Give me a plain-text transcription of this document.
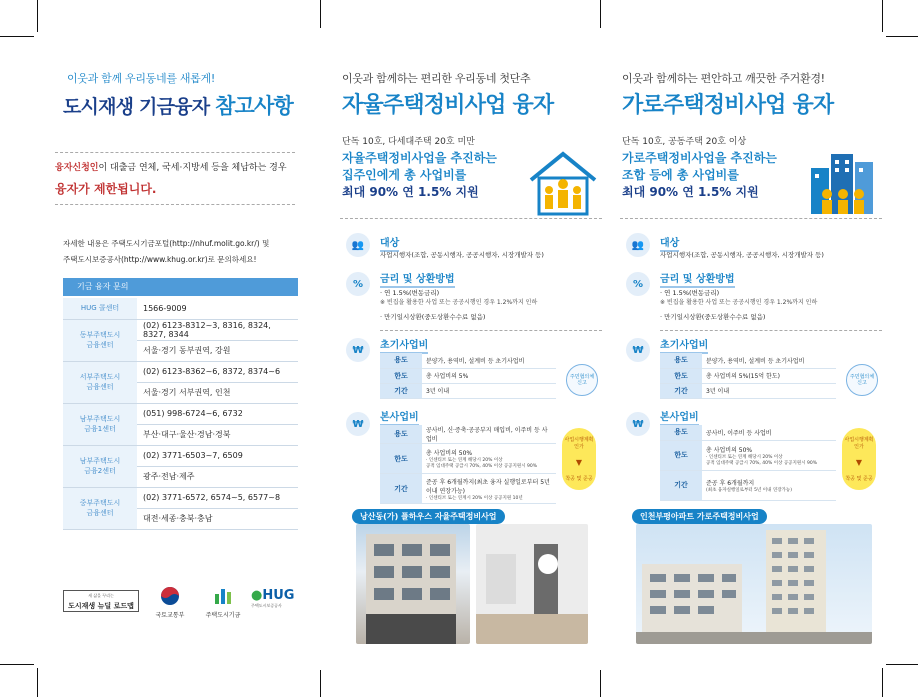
이웃과 함께 우리동네를 새롭게!
도시재생 기금융자 참고사항
융자신청인이 대출금 연체, 국세·지방세 등을 체납하는 경우
융자가 제한됩니다.
자세한 내용은 주택도시기금포털(http://nhuf.molit.go.kr/) 및
주택도시보증공사(http://www.khug.or.kr)로 문의하세요!
기금 융자 문의
HUG 콜센터	1566-9009
동부주택도시
금융센터	(02) 6123-8312~3, 8316, 8324, 8327, 8344
	서울·경기 동부권역, 강원
서부주택도시
금융센터	(02) 6123-8362~6, 8372, 8374~6
	서울·경기 서부권역, 인천
남부주택도시
금융1센터	(051) 998-6724~6, 6732
	부산·대구·울산·경남·경북
남부주택도시
금융2센터	(02) 3771-6503~7, 6509
	광주·전남·제주
중부주택도시
금융센터	(02) 3771-6572, 6574~5, 6577~8
	대전·세종·충북·충남
새 삶을 꾸리는
도시재생 뉴딜 로드맵
국토교통부	주택도시기금
●HUG
주택도시보증공사
이웃과 함께하는 편리한 우리동네 첫단추
자율주택정비사업 융자
단독 10호, 다세대주택 20호 미만
자율주택정비사업을 추진하는
집주인에게 총 사업비를
최대 90% 연 1.5% 지원
👥	대상
사업시행자(조합, 공동시행자, 공공시행자, 시장개발자 등)
%	금리 및 상환방법
· 연 1.5%(변동금리)
※ 빈집을 활용한 사업 또는 공공시행인 경우 1.2%까지 인하
· 만기일시상환(중도상환수수료 없음)
₩	초기사업비
용도	분양가, 용역비, 설계비 등 초기사업비
한도	총 사업비의 5%
기간	3년 이내
주민협의체 신고
₩
본사업비
용도	공사비, 신·증축·공공부지 매입비, 이주비 등 사업비

한도	총 사업비의 50%
· 인센티브 또는 연계 해당시 20% 이상
공적 임대주택 공급시 70%, 40% 이상 공공지원시 90%

기간	준공 후 6개월까지(최초 융자 실행일로부터 5년 이내 연장가능)
· 인센티브 또는 연계시 20% 이상 공공지원 10년
사업시행계획 인가
▼
착공 및 준공
낭산동(가) 플하우스 자율주택정비사업
이웃과 함께하는 편안하고 깨끗한 주거환경!
가로주택정비사업 융자
단독 10호, 공동주택 20호 이상
가로주택정비사업을 추진하는
조합 등에 총 사업비를
최대 90% 연 1.5% 지원
👥	대상
사업시행자(조합, 공동시행자, 공공시행자, 시장개발자 등)
%	금리 및 상환방법
· 연 1.5%(변동금리)
※ 빈집을 활용한 사업 또는 공공시행인 경우 1.2%까지 인하
· 만기일시상환(중도상환수수료 없음)
₩	초기사업비
용도	분양가, 용역비, 설계비 등 초기사업비
한도	총 사업비의 5%(15억 한도)
기간	3년 이내
주민협의체 신고
₩
본사업비
용도	공사비, 이주비 등 사업비

한도	총 사업비의 50%
· 인센티브 또는 연계 해당시 20% 이상
공적 임대주택 공급시 70%, 40% 이상 공공지원시 90%

기간	준공 후 6개월까지
(최초 융자실행일로부터 5년 이내 연장가능)
사업시행계획 인가
▼
착공 및 준공
인천부평아파트 가로주택정비사업
